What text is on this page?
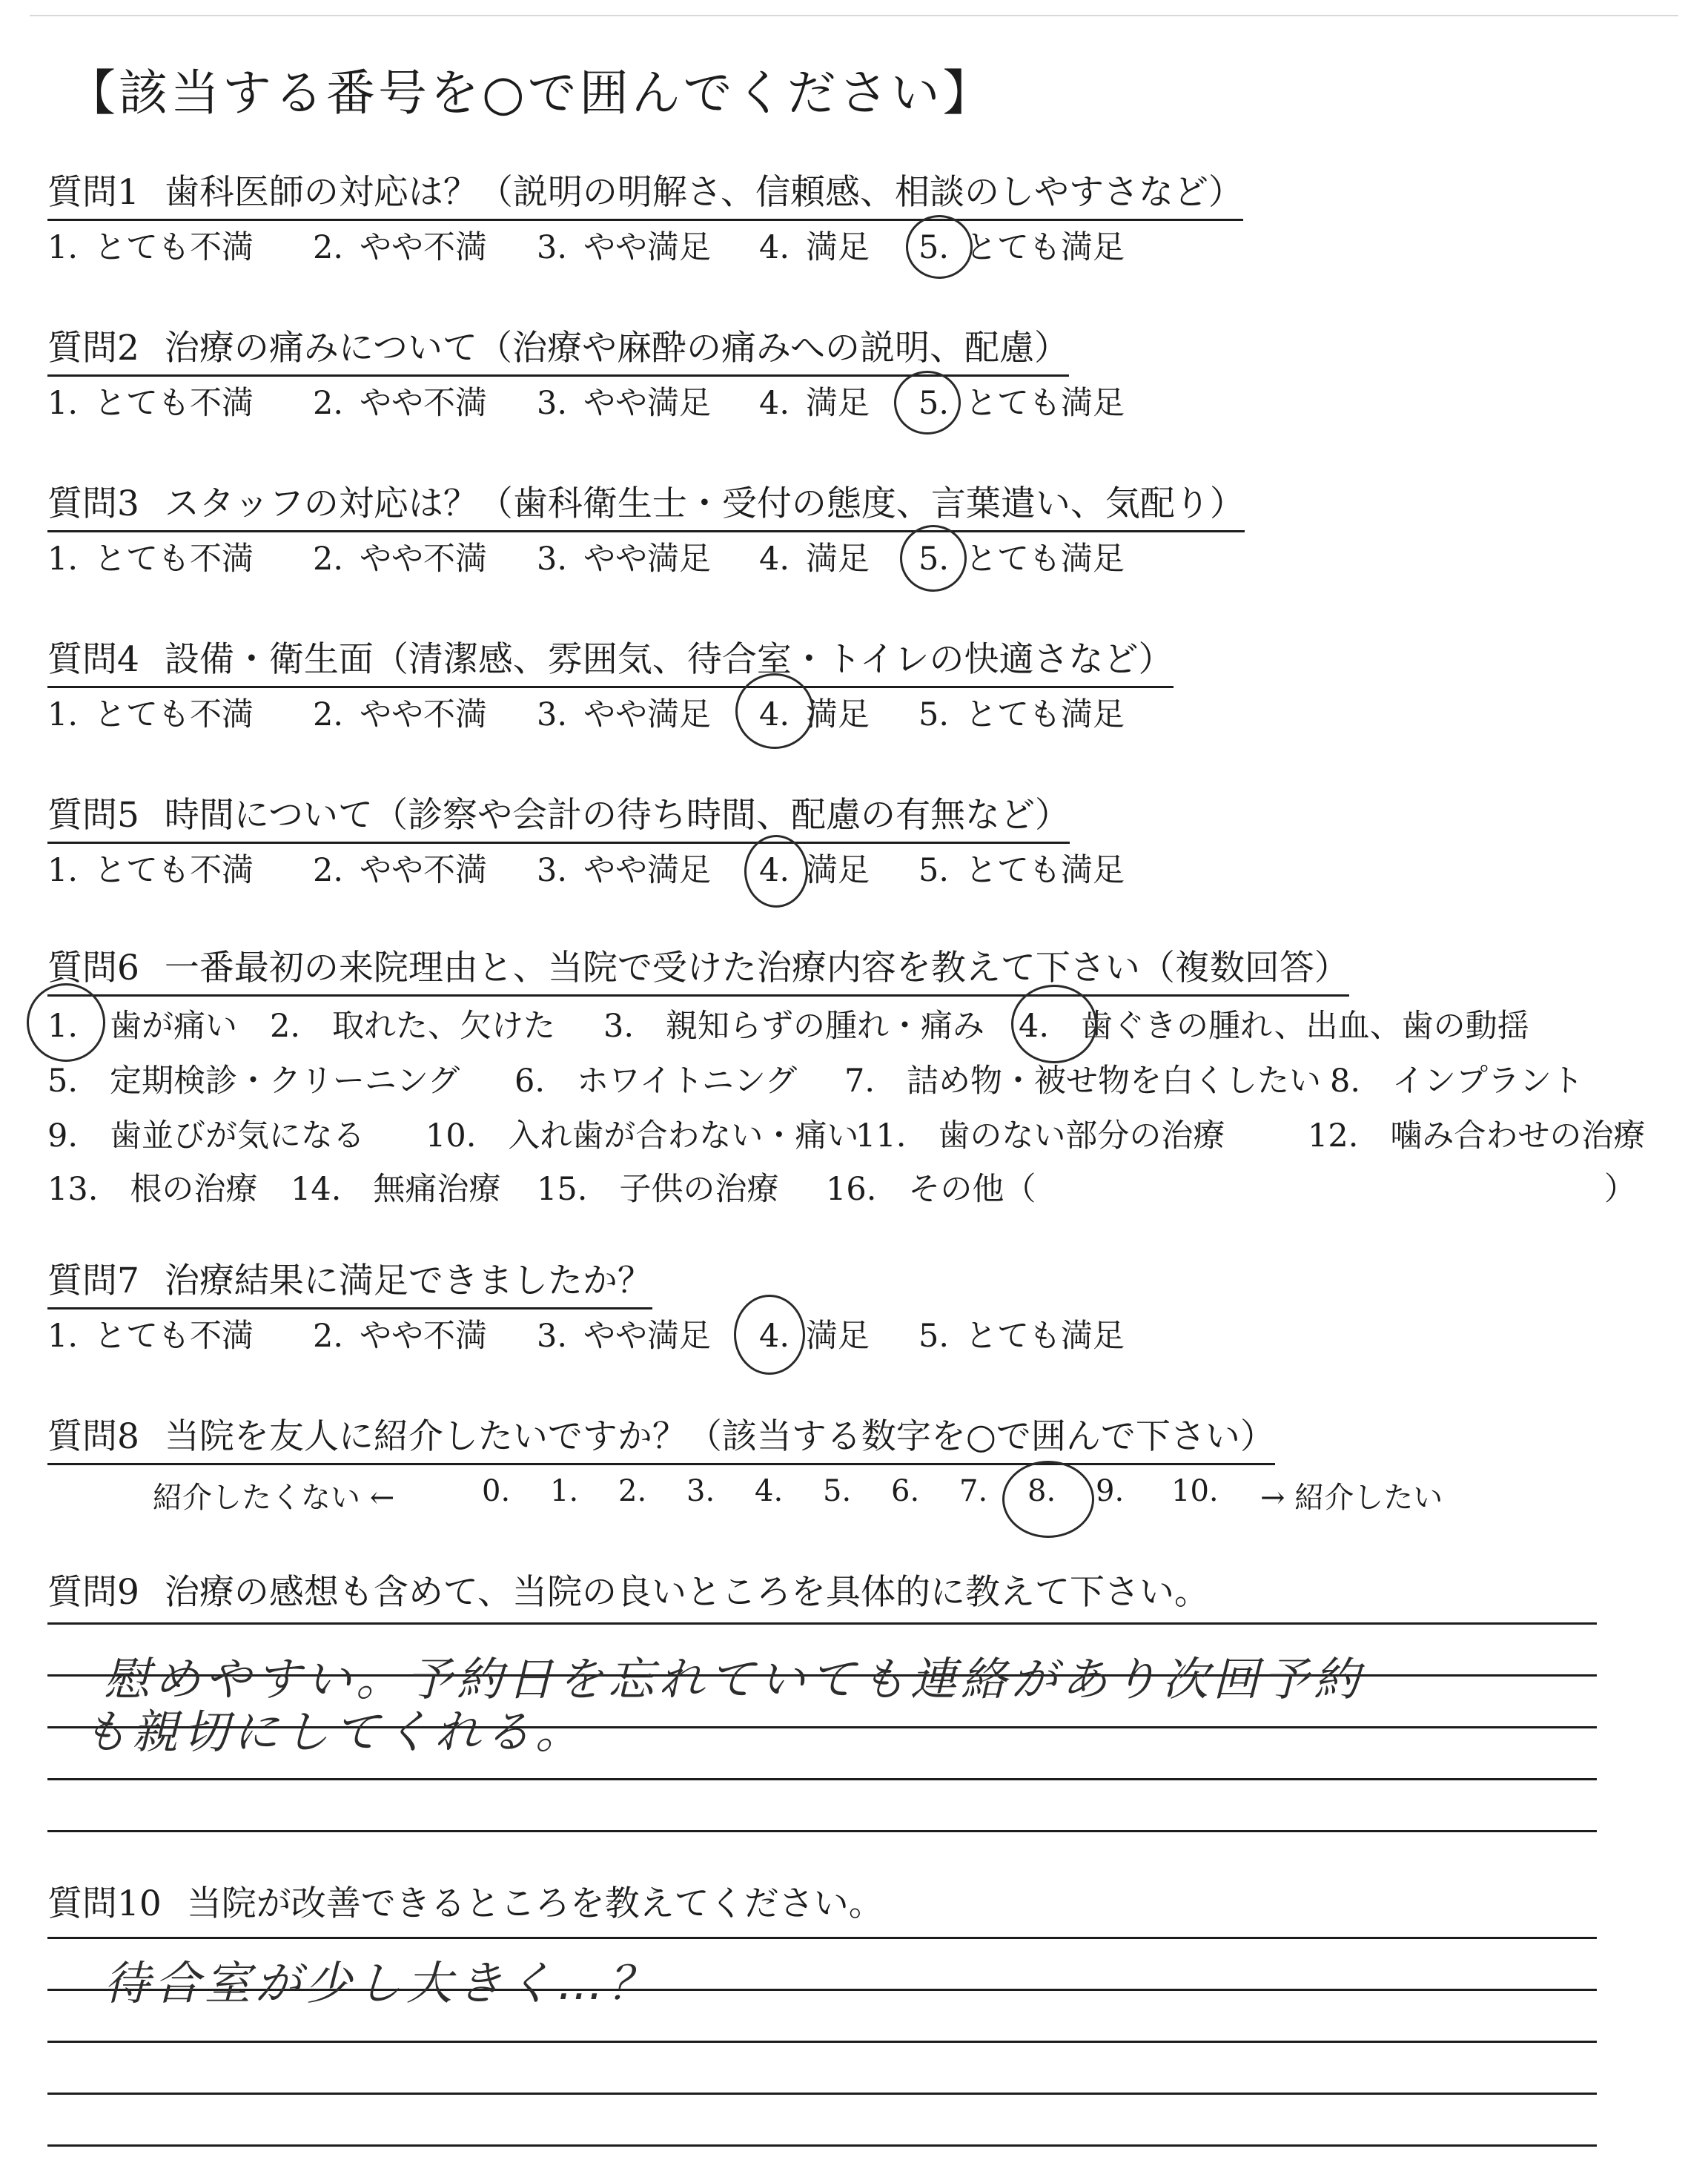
【該当する番号を○で囲んでください】
質問1 歯科医師の対応は？（説明の明解さ、信頼感、相談のしやすさなど）
1. とても不満 2. やや不満 3. やや満足 4. 満足 5. とても満足
質問2 治療の痛みについて（治療や麻酔の痛みへの説明、配慮）
1. とても不満 2. やや不満 3. やや満足 4. 満足 5. とても満足
質問3 スタッフの対応は？（歯科衛生士・受付の態度、言葉遣い、気配り）
1. とても不満 2. やや不満 3. やや満足 4. 満足 5. とても満足
質問4 設備・衛生面（清潔感、雰囲気、待合室・トイレの快適さなど）
1. とても不満 2. やや不満 3. やや満足 4. 満足 5. とても満足
質問5 時間について（診察や会計の待ち時間、配慮の有無など）
1. とても不満 2. やや不満 3. やや満足 4. 満足 5. とても満足
質問6 一番最初の来院理由と、当院で受けた治療内容を教えて下さい（複数回答）
1.　歯が痛い 2.　取れた、欠けた 3.　親知らずの腫れ・痛み 4.　歯ぐきの腫れ、出血、歯の動揺
5.　定期検診・クリーニング 6.　ホワイトニング 7.　詰め物・被せ物を白くしたい 8.　インプラント
9.　歯並びが気になる 10.　入れ歯が合わない・痛い
11.　歯のない部分の治療	12.　噛み合わせの治療
13.　根の治療 14.　無痛治療 15.　子供の治療 16.　その他（	）
質問7 治療結果に満足できましたか？
1. とても不満 2. やや不満 3. やや満足 4. 満足 5. とても満足
質問8 当院を友人に紹介したいですか？（該当する数字を○で囲んで下さい）
紹介したくない ←	0. 1. 2. 3. 4. 5. 6. 7. 8. 9. 10. → 紹介したい
質問9 治療の感想も含めて、当院の良いところを具体的に教えて下さい。
慰めやすい。予約日を忘れていても連絡があり次回予約
も親切にしてくれる。
質問10 当院が改善できるところを教えてください。
待合室が少し大きく…？
